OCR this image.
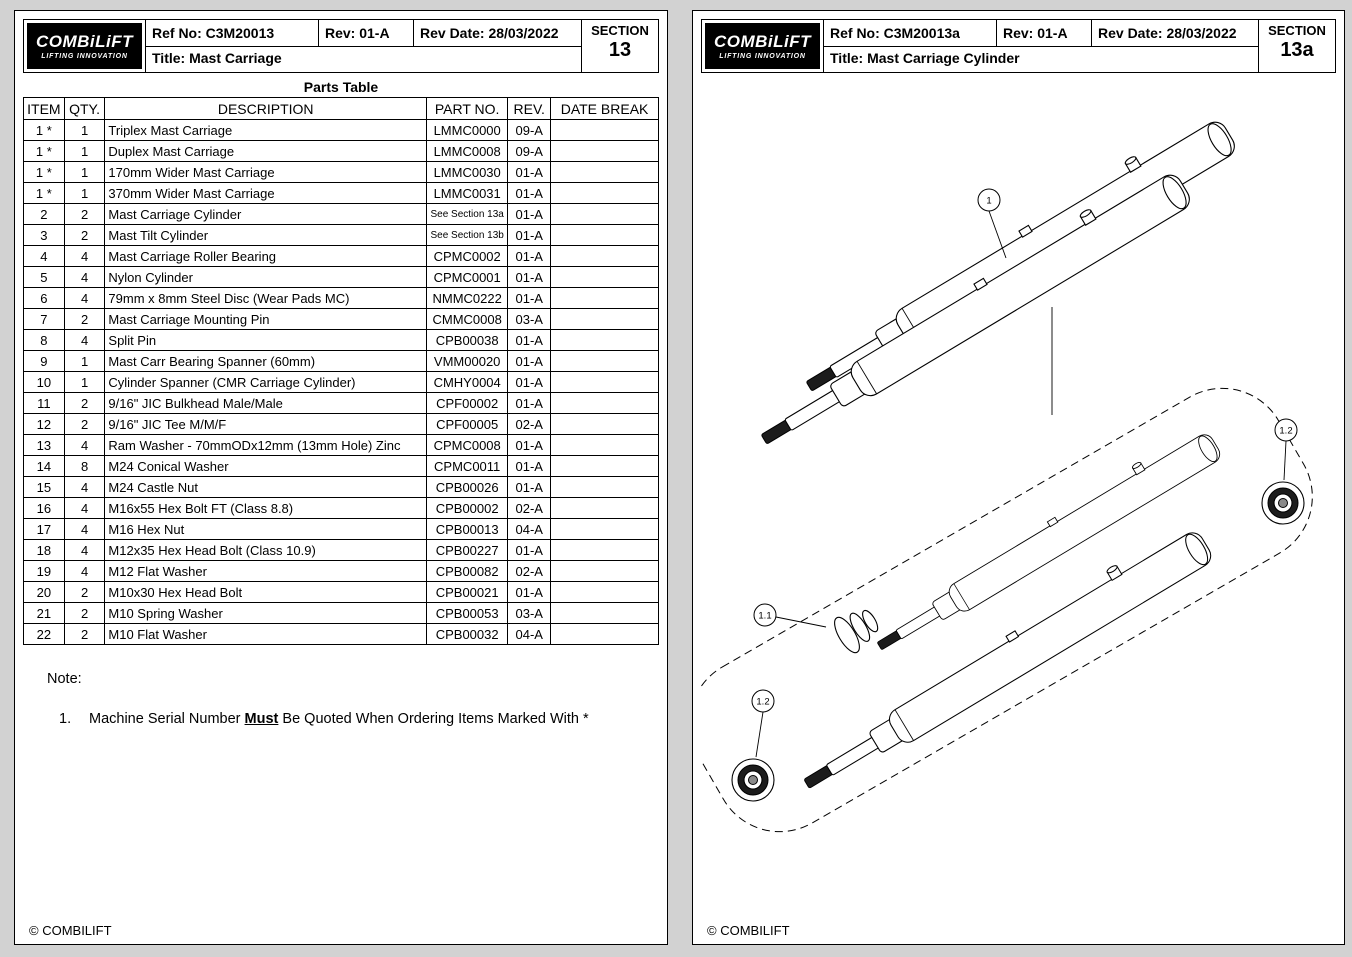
COMBiLiFT
LIFTING INNOVATION
Ref No: C3M20013	Rev: 01-A	Rev Date: 28/03/2022
Title: Mast Carriage
SECTION
13
Parts Table
ITEM	QTY.	DESCRIPTION	PART NO.	REV.	DATE BREAK
1 *	1	Triplex Mast Carriage	LMMC0000	09-A	
1 *	1	Duplex Mast Carriage	LMMC0008	09-A	
1 *	1	170mm Wider Mast Carriage	LMMC0030	01-A	
1 *	1	370mm Wider Mast Carriage	LMMC0031	01-A	
2	2	Mast Carriage Cylinder	See Section 13a	01-A	
3	2	Mast Tilt Cylinder	See Section 13b	01-A	
4	4	Mast Carriage Roller Bearing	CPMC0002	01-A	
5	4	Nylon Cylinder	CPMC0001	01-A	
6	4	79mm x 8mm Steel Disc (Wear Pads MC)	NMMC0222	01-A	
7	2	Mast Carriage Mounting Pin	CMMC0008	03-A	
8	4	Split Pin	CPB00038	01-A	
9	1	Mast Carr Bearing Spanner (60mm)	VMM00020	01-A	
10	1	Cylinder Spanner (CMR Carriage Cylinder)	CMHY0004	01-A	
11	2	9/16" JIC Bulkhead Male/Male	CPF00002	01-A	
12	2	9/16" JIC Tee M/M/F	CPF00005	02-A	
13	4	Ram Washer - 70mmODx12mm (13mm Hole) Zinc	CPMC0008	01-A	
14	8	M24 Conical Washer	CPMC0011	01-A	
15	4	M24 Castle Nut	CPB00026	01-A	
16	4	M16x55 Hex Bolt FT (Class 8.8)	CPB00002	02-A	
17	4	M16 Hex Nut	CPB00013	04-A	
18	4	M12x35 Hex Head Bolt (Class 10.9)	CPB00227	01-A	
19	4	M12 Flat Washer	CPB00082	02-A	
20	2	M10x30 Hex Head Bolt	CPB00021	01-A	
21	2	M10 Spring Washer	CPB00053	03-A	
22	2	M10 Flat Washer	CPB00032	04-A	
Note:
1. Machine Serial Number Must Be Quoted When Ordering Items Marked With *
© COMBILIFT
COMBiLiFT
LIFTING INNOVATION
Ref No: C3M20013a	Rev: 01-A	Rev Date: 28/03/2022
Title: Mast Carriage Cylinder
SECTION
13a
1
1.2
1.1
1.2
© COMBILIFT
